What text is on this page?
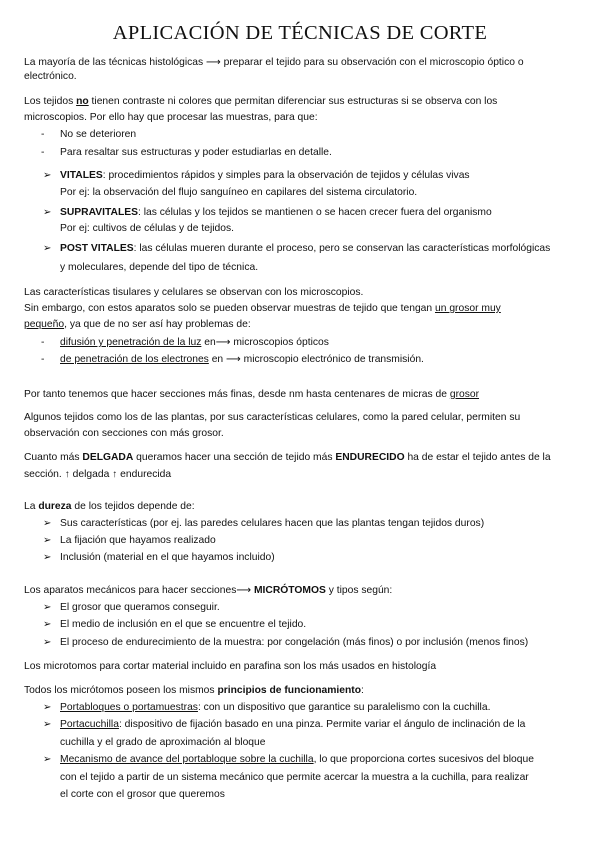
APLICACIÓN DE TÉCNICAS DE CORTE
La mayoría de las técnicas histológicas ⟶ preparar el tejido para su observación con el microscopio óptico o
electrónico.
Los tejidos no tienen contraste ni colores que permitan diferenciar sus estructuras si se observa con los
microscopios. Por ello hay que procesar las muestras, para que:
- No se deterioren
- Para resaltar sus estructuras y poder estudiarlas en detalle.
➢ VITALES: procedimientos rápidos y simples para la observación de tejidos y células vivas
Por ej: la observación del flujo sanguíneo en capilares del sistema circulatorio.
➢ SUPRAVITALES: las células y los tejidos se mantienen o se hacen crecer fuera del organismo
Por ej: cultivos de células y de tejidos.
➢ POST VITALES: las células mueren durante el proceso, pero se conservan las características morfológicas
y moleculares, depende del tipo de técnica.
Las características tisulares y celulares se observan con los microscopios.
Sin embargo, con estos aparatos solo se pueden observar muestras de tejido que tengan un grosor muy
pequeño, ya que de no ser así hay problemas de:
- difusión y penetración de la luz en⟶ microscopios ópticos
- de penetración de los electrones en ⟶ microscopio electrónico de transmisión.
Por tanto tenemos que hacer secciones más finas, desde nm hasta centenares de micras de grosor
Algunos tejidos como los de las plantas, por sus características celulares, como la pared celular, permiten su
observación con secciones con más grosor.
Cuanto más DELGADA queramos hacer una sección de tejido más ENDURECIDO ha de estar el tejido antes de la
sección. ↑ delgada ↑ endurecida
La dureza de los tejidos depende de:
➢ Sus características (por ej. las paredes celulares hacen que las plantas tengan tejidos duros)
➢ La fijación que hayamos realizado
➢ Inclusión (material en el que hayamos incluido)
Los aparatos mecánicos para hacer secciones⟶ MICRÓTOMOS y tipos según:
➢ El grosor que queramos conseguir.
➢ El medio de inclusión en el que se encuentre el tejido.
➢ El proceso de endurecimiento de la muestra: por congelación (más finos) o por inclusión (menos finos)
Los microtomos para cortar material incluido en parafina son los más usados en histología
Todos los micrótomos poseen los mismos principios de funcionamiento:
➢ Portabloques o portamuestras: con un dispositivo que garantice su paralelismo con la cuchilla.
➢ Portacuchilla: dispositivo de fijación basado en una pinza. Permite variar el ángulo de inclinación de la
cuchilla y el grado de aproximación al bloque
➢ Mecanismo de avance del portabloque sobre la cuchilla, lo que proporciona cortes sucesivos del bloque
con el tejido a partir de un sistema mecánico que permite acercar la muestra a la cuchilla, para realizar
el corte con el grosor que queremos
